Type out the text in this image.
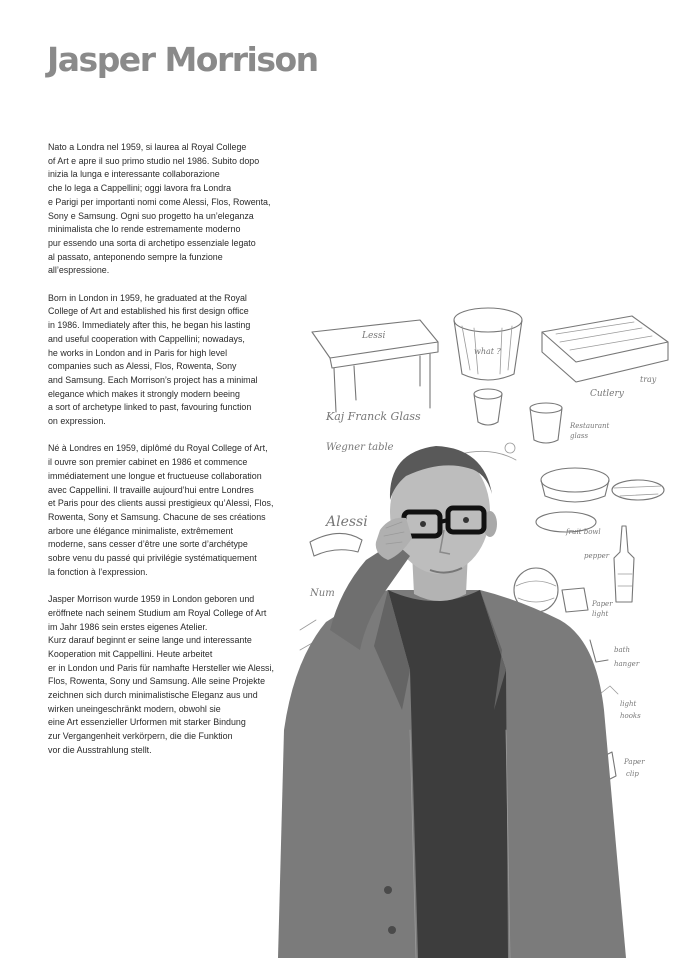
Jasper Morrison
Lessi
what ?
Cutlery
tray
Kaj Franck Glass
Restaurant
glass
Wegner table
fruit bowl
Alessi
pepper
Num
Paper
light
bath
hanger
light
hooks
Paper
clip

Nato a Londra nel 1959, si laurea al Royal College
of Art e apre il suo primo studio nel 1986. Subito dopo
inizia la lunga e interessante collaborazione
che lo lega a Cappellini; oggi lavora fra Londra
e Parigi per importanti nomi come Alessi, Flos, Rowenta,
Sony e Samsung. Ogni suo progetto ha un’eleganza
minimalista che lo rende estremamente moderno
pur essendo una sorta di archetipo essenziale legato
al passato, anteponendo sempre la funzione
all’espressione.

Born in London in 1959, he graduated at the Royal
College of Art and established his first design office
in 1986. Immediately after this, he began his lasting
and useful cooperation with Cappellini; nowadays,
he works in London and in Paris for high level
companies such as Alessi, Flos, Rowenta, Sony
and Samsung. Each Morrison’s project has a minimal
elegance which makes it strongly modern beeing
a sort of archetype linked to past, favouring function
on expression.

Né à Londres en 1959, diplômé du Royal College of Art,
il ouvre son premier cabinet en 1986 et commence
immédiatement une longue et fructueuse collaboration
avec Cappellini. Il travaille aujourd’hui entre Londres
et Paris pour des clients aussi prestigieux qu’Alessi, Flos,
Rowenta, Sony et Samsung. Chacune de ses créations
arbore une élégance minimaliste, extrêmement
moderne, sans cesser d’être une sorte d’archétype
sobre venu du passé qui privilégie systématiquement
la fonction à l’expression.

Jasper Morrison wurde 1959 in London geboren und
eröffnete nach seinem Studium am Royal College of Art
im Jahr 1986 sein erstes eigenes Atelier.
Kurz darauf beginnt er seine lange und interessante
Kooperation mit Cappellini. Heute arbeitet
er in London und Paris für namhafte Hersteller wie Alessi,
Flos, Rowenta, Sony und Samsung. Alle seine Projekte
zeichnen sich durch minimalistische Eleganz aus und
wirken uneingeschränkt modern, obwohl sie
eine Art essenzieller Urformen mit starker Bindung
zur Vergangenheit verkörpern, die die Funktion
vor die Ausstrahlung stellt.
